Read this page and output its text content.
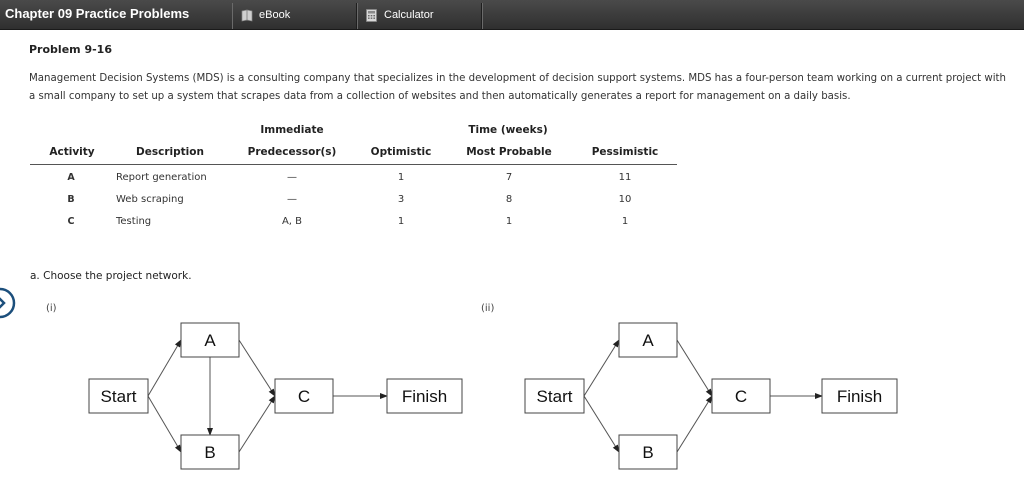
Chapter 09 Practice Problems	eBook	Calculator
Problem 9-16
Management Decision Systems (MDS) is a consulting company that specializes in the development of decision support systems. MDS has a four-person team working on a current project with a small company to set up a system that scrapes data from a collection of websites and then automatically generates a report for management on a daily basis.
Immediate	Time (weeks)
Activity	Description	Predecessor(s)	Optimistic	Most Probable	Pessimistic
A	Report generation	—	1	7	11
B	Web scraping	—	3	8	10
C	Testing	A, B	1	1	1
a. Choose the project network.
(i)	(ii)
Start
A
B
C	Finish	Start
A
B
C	Finish
